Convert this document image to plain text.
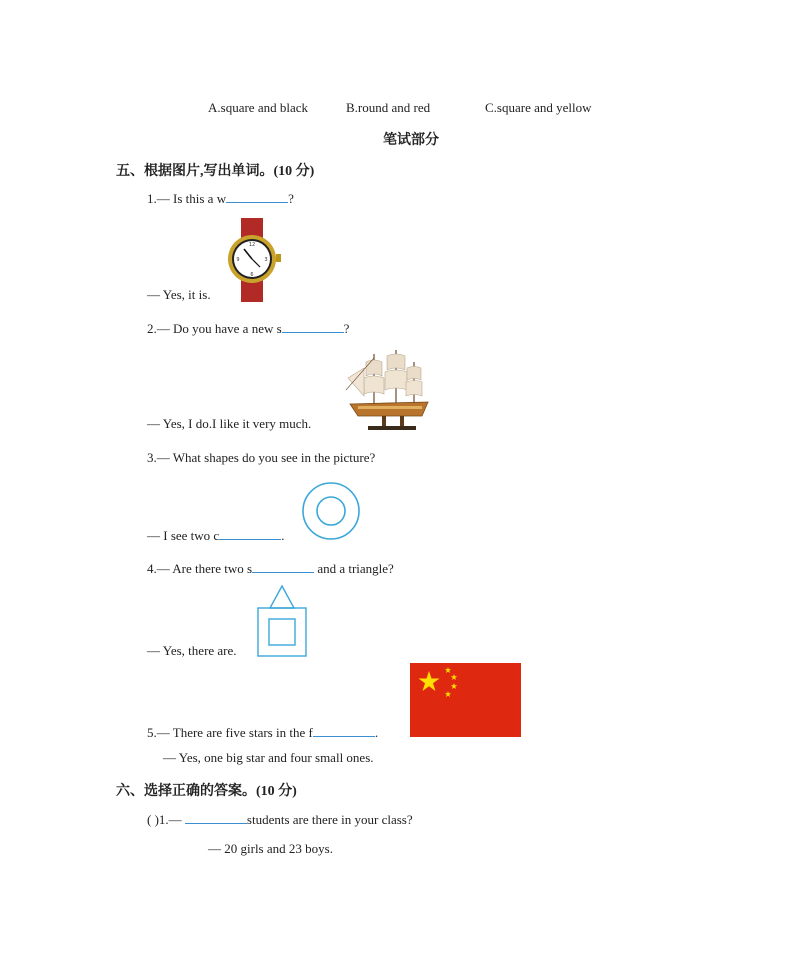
A.square and black	B.round and red	C.square and yellow
笔试部分
五、根据图片,写出单词。(10 分)
1.— Is this a w	?
12
6
3
9
— Yes, it is.
2.— Do you have a new s	?
— Yes, I do.I like it very much.
3.— What shapes do you see in the picture?
— I see two c	.
4.— Are there two s	and a triangle?
— Yes, there are.
5.— There are five stars in the f	.
— Yes, one big star and four small ones.
六、选择正确的答案。(10 分)
( )1.—	students are there in your class?
— 20 girls and 23 boys.
